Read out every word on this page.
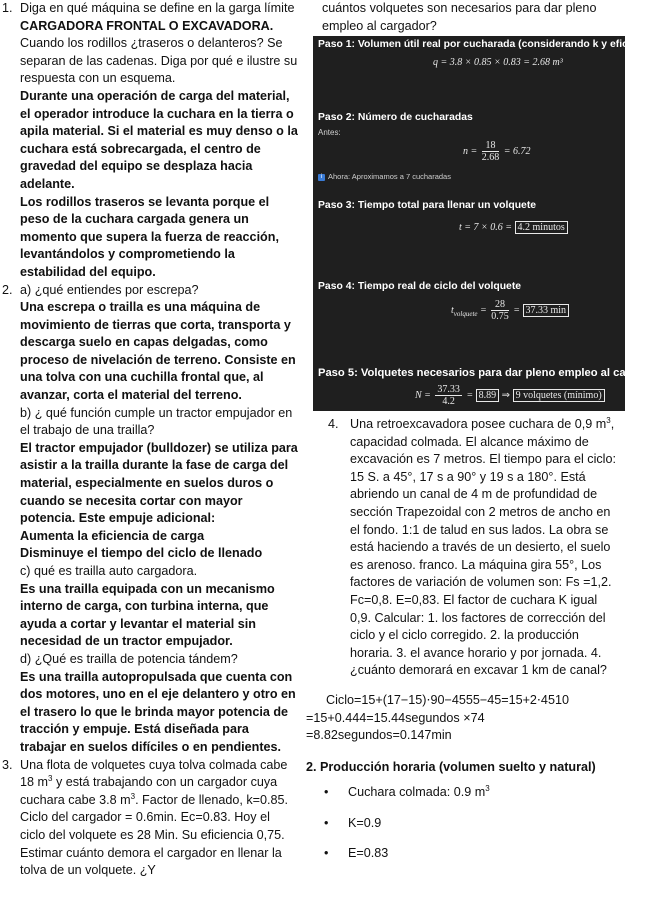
1. Diga en qué máquina se define en la garga límite CARGADORA FRONTAL O EXCAVADORA. Cuando los rodillos ¿traseros o delanteros? Se separan de las cadenas. Diga por qué e ilustre su respuesta con un esquema.

Durante una operación de carga del material, el operador introduce la cuchara en la tierra o apila material. Si el material es muy denso o la cuchara está sobrecargada, el centro de gravedad del equipo se desplaza hacia adelante.

Los rodillos traseros se levanta porque el peso de la cuchara cargada genera un momento que supera la fuerza de reacción, levantándolos y comprometiendo la estabilidad del equipo.

2. a) ¿qué entiendes por escrepa?

Una escrepa o trailla es una máquina de movimiento de tierras que corta, transporta y descarga suelo en capas delgadas, como proceso de nivelación de terreno. Consiste en una tolva con una cuchilla frontal que, al avanzar, corta el material del terreno.

b) ¿ qué función cumple un tractor empujador en el trabajo de una trailla?

El tractor empujador (bulldozer) se utiliza para asistir a la trailla durante la fase de carga del material, especialmente en suelos duros o cuando se necesita cortar con mayor potencia. Este empuje adicional:

Aumenta la eficiencia de carga

Disminuye el tiempo del ciclo de llenado

c) qué es trailla auto cargadora.

Es una trailla equipada con un mecanismo interno de carga, con turbina interna, que ayuda a cortar y levantar el material sin necesidad de un tractor empujador.

d) ¿Qué es trailla de potencia tándem?

Es una trailla autopropulsada que cuenta con dos motores, uno en el eje delantero y otro en el trasero lo que le brinda mayor potencia de tracción y empuje. Está diseñada para trabajar en suelos difíciles o en pendientes.

3. Una flota de volquetes cuya tolva colmada cabe 18 $m^3$ y está trabajando con un cargador cuya cuchara cabe 3.8 $m^3$. Factor de llenado, k=0.85. Ciclo del cargador = 0.6min. Ec=0.83. Hoy el ciclo del volquete es 28 Min. Su eficiencia 0,75. Estimar cuánto demora el cargador en llenar la tolva de un volquete. ¿Y

cuántos volquetes son necesarios para dar pleno empleo al cargador?

Paso 1: Volumen útil real por cucharada (considerando k y eficiencia)
q = 3.8 × 0.85 × 0.83 = 2.68 m³
Paso 2: Número de cucharadas
Antes:
$n = \frac{18}{2.68} = 6.72$
i Ahora: Aproximamos a 7 cucharadas
Paso 3: Tiempo total para llenar un volquete
t = 7 × 0.6 = 4.2 minutos
Paso 4: Tiempo real de ciclo del volquete
$t_{volquete} = \frac{28}{0.75} = 37.33$ min
Paso 5: Volquetes necesarios para dar pleno empleo al cargador
$N = \frac{37.33}{4.2} = 8.89$ ⇒ 9 volquetes (mínimo)
4. Una retroexcavadora posee cuchara de 0,9 $m^3$, capacidad colmada. El alcance máximo de excavación es 7 metros. El tiempo para el ciclo: 15 S. a 45°, 17 s a 90° y 19 s a 180°. Está abriendo un canal de 4 m de profundidad de sección Trapezoidal con 2 metros de ancho en el fondo. 1:1 de talud en sus lados. La obra se está haciendo a través de un desierto, el suelo es arenoso. franco. La máquina gira 55°, Los factores de variación de volumen son: Fs =1,2. Fc=0,8. E=0,83. El factor de cuchara K igual 0,9. Calcular: 1. los factores de corrección del ciclo y el ciclo corregido. 2. la producción horaria. 3. el avance horario y por jornada. 4. ¿cuánto demorará en excavar 1 km de canal?

Ciclo=15+(17−15)⋅90−4555−45=15+2⋅4510

=15+0.444=15.44segundos ×74

=8.82segundos=0.147min

2. Producción horaria (volumen suelto y natural)

• Cuchara colmada: 0.9 $m^3$
• K=0.9
• E=0.83
